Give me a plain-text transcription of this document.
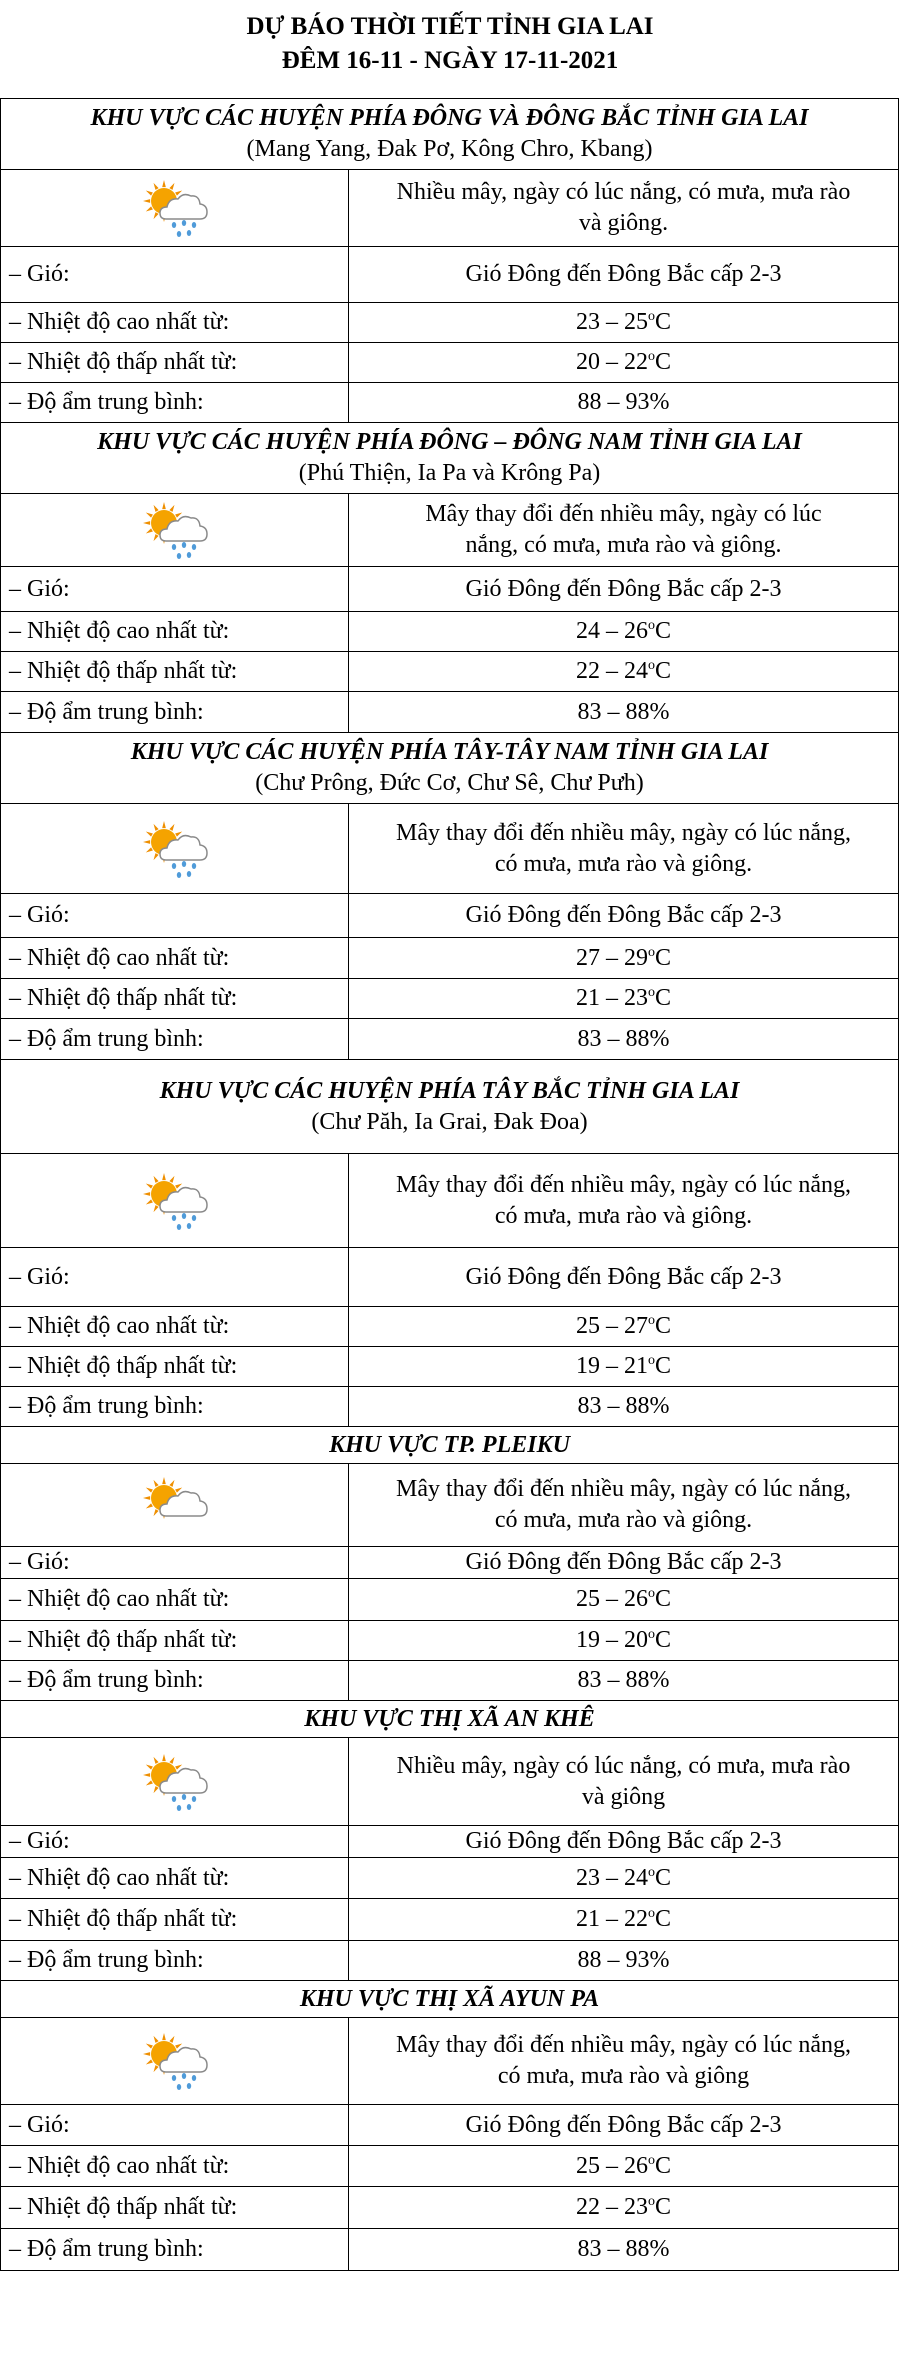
DỰ BÁO THỜI TIẾT TỈNH GIA LAI
ĐÊM 16-11 - NGÀY 17-11-2021
KHU VỰC CÁC HUYỆN PHÍA ĐÔNG VÀ ĐÔNG BẮC TỈNH GIA LAI
(Mang Yang, Đak Pơ, Kông Chro, Kbang)	

Nhiều mây, ngày có lúc nắng, có mưa, mưa rào
và giông.

– Gió:	Gió Đông đến Đông Bắc cấp 2-3
– Nhiệt độ cao nhất từ:	23 – 25$^o$C
– Nhiệt độ thấp nhất từ:	20 – 22$^o$C
– Độ ẩm trung bình:	88 – 93%

KHU VỰC CÁC HUYỆN PHÍA ĐÔNG – ĐÔNG NAM TỈNH GIA LAI
(Phú Thiện, Ia Pa và Krông Pa)	

Mây thay đổi đến nhiều mây, ngày có lúc
nắng, có mưa, mưa rào và giông.

– Gió:	Gió Đông đến Đông Bắc cấp 2-3
– Nhiệt độ cao nhất từ:	24 – 26$^o$C
– Nhiệt độ thấp nhất từ:	22 – 24$^o$C
– Độ ẩm trung bình:	83 – 88%

KHU VỰC CÁC HUYỆN PHÍA TÂY-TÂY NAM TỈNH GIA LAI
(Chư Prông, Đức Cơ, Chư Sê, Chư Pưh)	

Mây thay đổi đến nhiều mây, ngày có lúc nắng,
có mưa, mưa rào và giông.

– Gió:	Gió Đông đến Đông Bắc cấp 2-3
– Nhiệt độ cao nhất từ:	27 – 29$^o$C
– Nhiệt độ thấp nhất từ:	21 – 23$^o$C
– Độ ẩm trung bình:	83 – 88%

KHU VỰC CÁC HUYỆN PHÍA TÂY BẮC TỈNH GIA LAI
(Chư Păh, Ia Grai, Đak Đoa)	

Mây thay đổi đến nhiều mây, ngày có lúc nắng,
có mưa, mưa rào và giông.

– Gió:	Gió Đông đến Đông Bắc cấp 2-3
– Nhiệt độ cao nhất từ:	25 – 27$^o$C
– Nhiệt độ thấp nhất từ:	19 – 21$^o$C
– Độ ẩm trung bình:	83 – 88%

KHU VỰC TP. PLEIKU	

Mây thay đổi đến nhiều mây, ngày có lúc nắng,
có mưa, mưa rào và giông.

– Gió:	Gió Đông đến Đông Bắc cấp 2-3
– Nhiệt độ cao nhất từ:	25 – 26$^o$C
– Nhiệt độ thấp nhất từ:	19 – 20$^o$C
– Độ ẩm trung bình:	83 – 88%

KHU VỰC THỊ XÃ AN KHÊ	

Nhiều mây, ngày có lúc nắng, có mưa, mưa rào
và giông

– Gió:	Gió Đông đến Đông Bắc cấp 2-3
– Nhiệt độ cao nhất từ:	23 – 24$^o$C
– Nhiệt độ thấp nhất từ:	21 – 22$^o$C
– Độ ẩm trung bình:	88 – 93%

KHU VỰC THỊ XÃ AYUN PA	

Mây thay đổi đến nhiều mây, ngày có lúc nắng,
có mưa, mưa rào và giông

– Gió:	Gió Đông đến Đông Bắc cấp 2-3
– Nhiệt độ cao nhất từ:	25 – 26$^o$C
– Nhiệt độ thấp nhất từ:	22 – 23$^o$C
– Độ ẩm trung bình:	83 – 88%
